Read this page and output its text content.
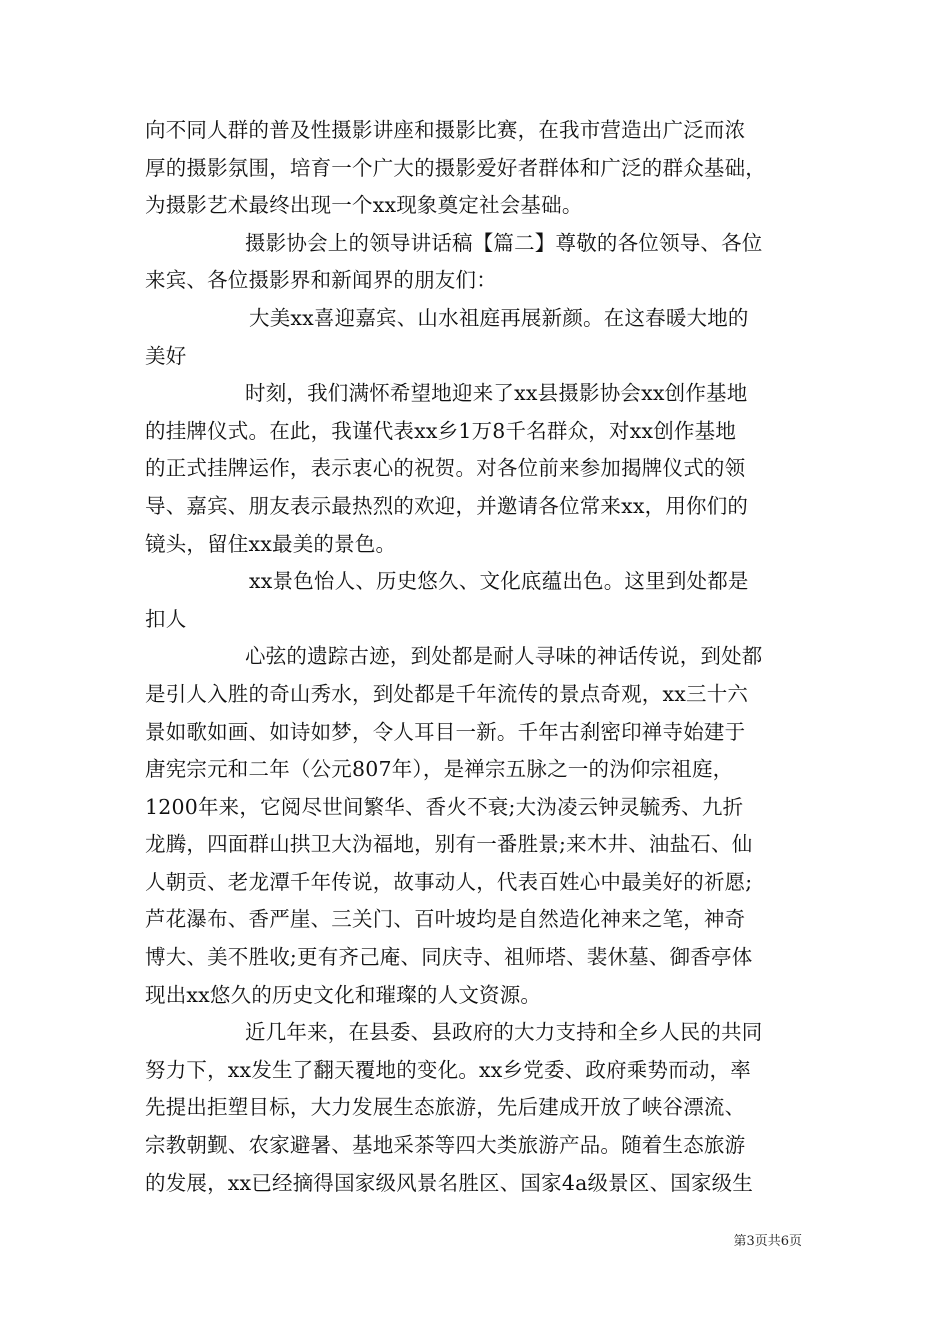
向不同人群的普及性摄影讲座和摄影比赛，在我市营造出广泛而浓
厚的摄影氛围，培育一个广大的摄影爱好者群体和广泛的群众基础，
为摄影艺术最终出现一个xx现象奠定社会基础。
摄影协会上的领导讲话稿【篇二】尊敬的各位领导、各位
来宾、各位摄影界和新闻界的朋友们：
大美xx喜迎嘉宾、山水祖庭再展新颜。在这春暖大地的
美好
时刻，我们满怀希望地迎来了xx县摄影协会xx创作基地
的挂牌仪式。在此，我谨代表xx乡1万8千名群众，对xx创作基地
的正式挂牌运作，表示衷心的祝贺。对各位前来参加揭牌仪式的领
导、嘉宾、朋友表示最热烈的欢迎，并邀请各位常来xx，用你们的
镜头，留住xx最美的景色。
xx景色怡人、历史悠久、文化底蕴出色。这里到处都是
扣人
心弦的遗踪古迹，到处都是耐人寻味的神话传说，到处都
是引人入胜的奇山秀水，到处都是千年流传的景点奇观，xx三十六
景如歌如画、如诗如梦，令人耳目一新。千年古刹密印禅寺始建于
唐宪宗元和二年（公元807年），是禅宗五脉之一的沩仰宗祖庭，
1200年来，它阅尽世间繁华、香火不衰;大沩凌云钟灵毓秀、九折
龙腾，四面群山拱卫大沩福地，别有一番胜景;来木井、油盐石、仙
人朝贡、老龙潭千年传说，故事动人，代表百姓心中最美好的祈愿;
芦花瀑布、香严崖、三关门、百叶坡均是自然造化神来之笔，神奇
博大、美不胜收;更有齐己庵、同庆寺、祖师塔、裴休墓、御香亭体
现出xx悠久的历史文化和璀璨的人文资源。
近几年来，在县委、县政府的大力支持和全乡人民的共同
努力下，xx发生了翻天覆地的变化。xx乡党委、政府乘势而动，率
先提出拒塑目标，大力发展生态旅游，先后建成开放了峡谷漂流、
宗教朝觐、农家避暑、基地采茶等四大类旅游产品。随着生态旅游
的发展，xx已经摘得国家级风景名胜区、国家4a级景区、国家级生
第3页共6页
